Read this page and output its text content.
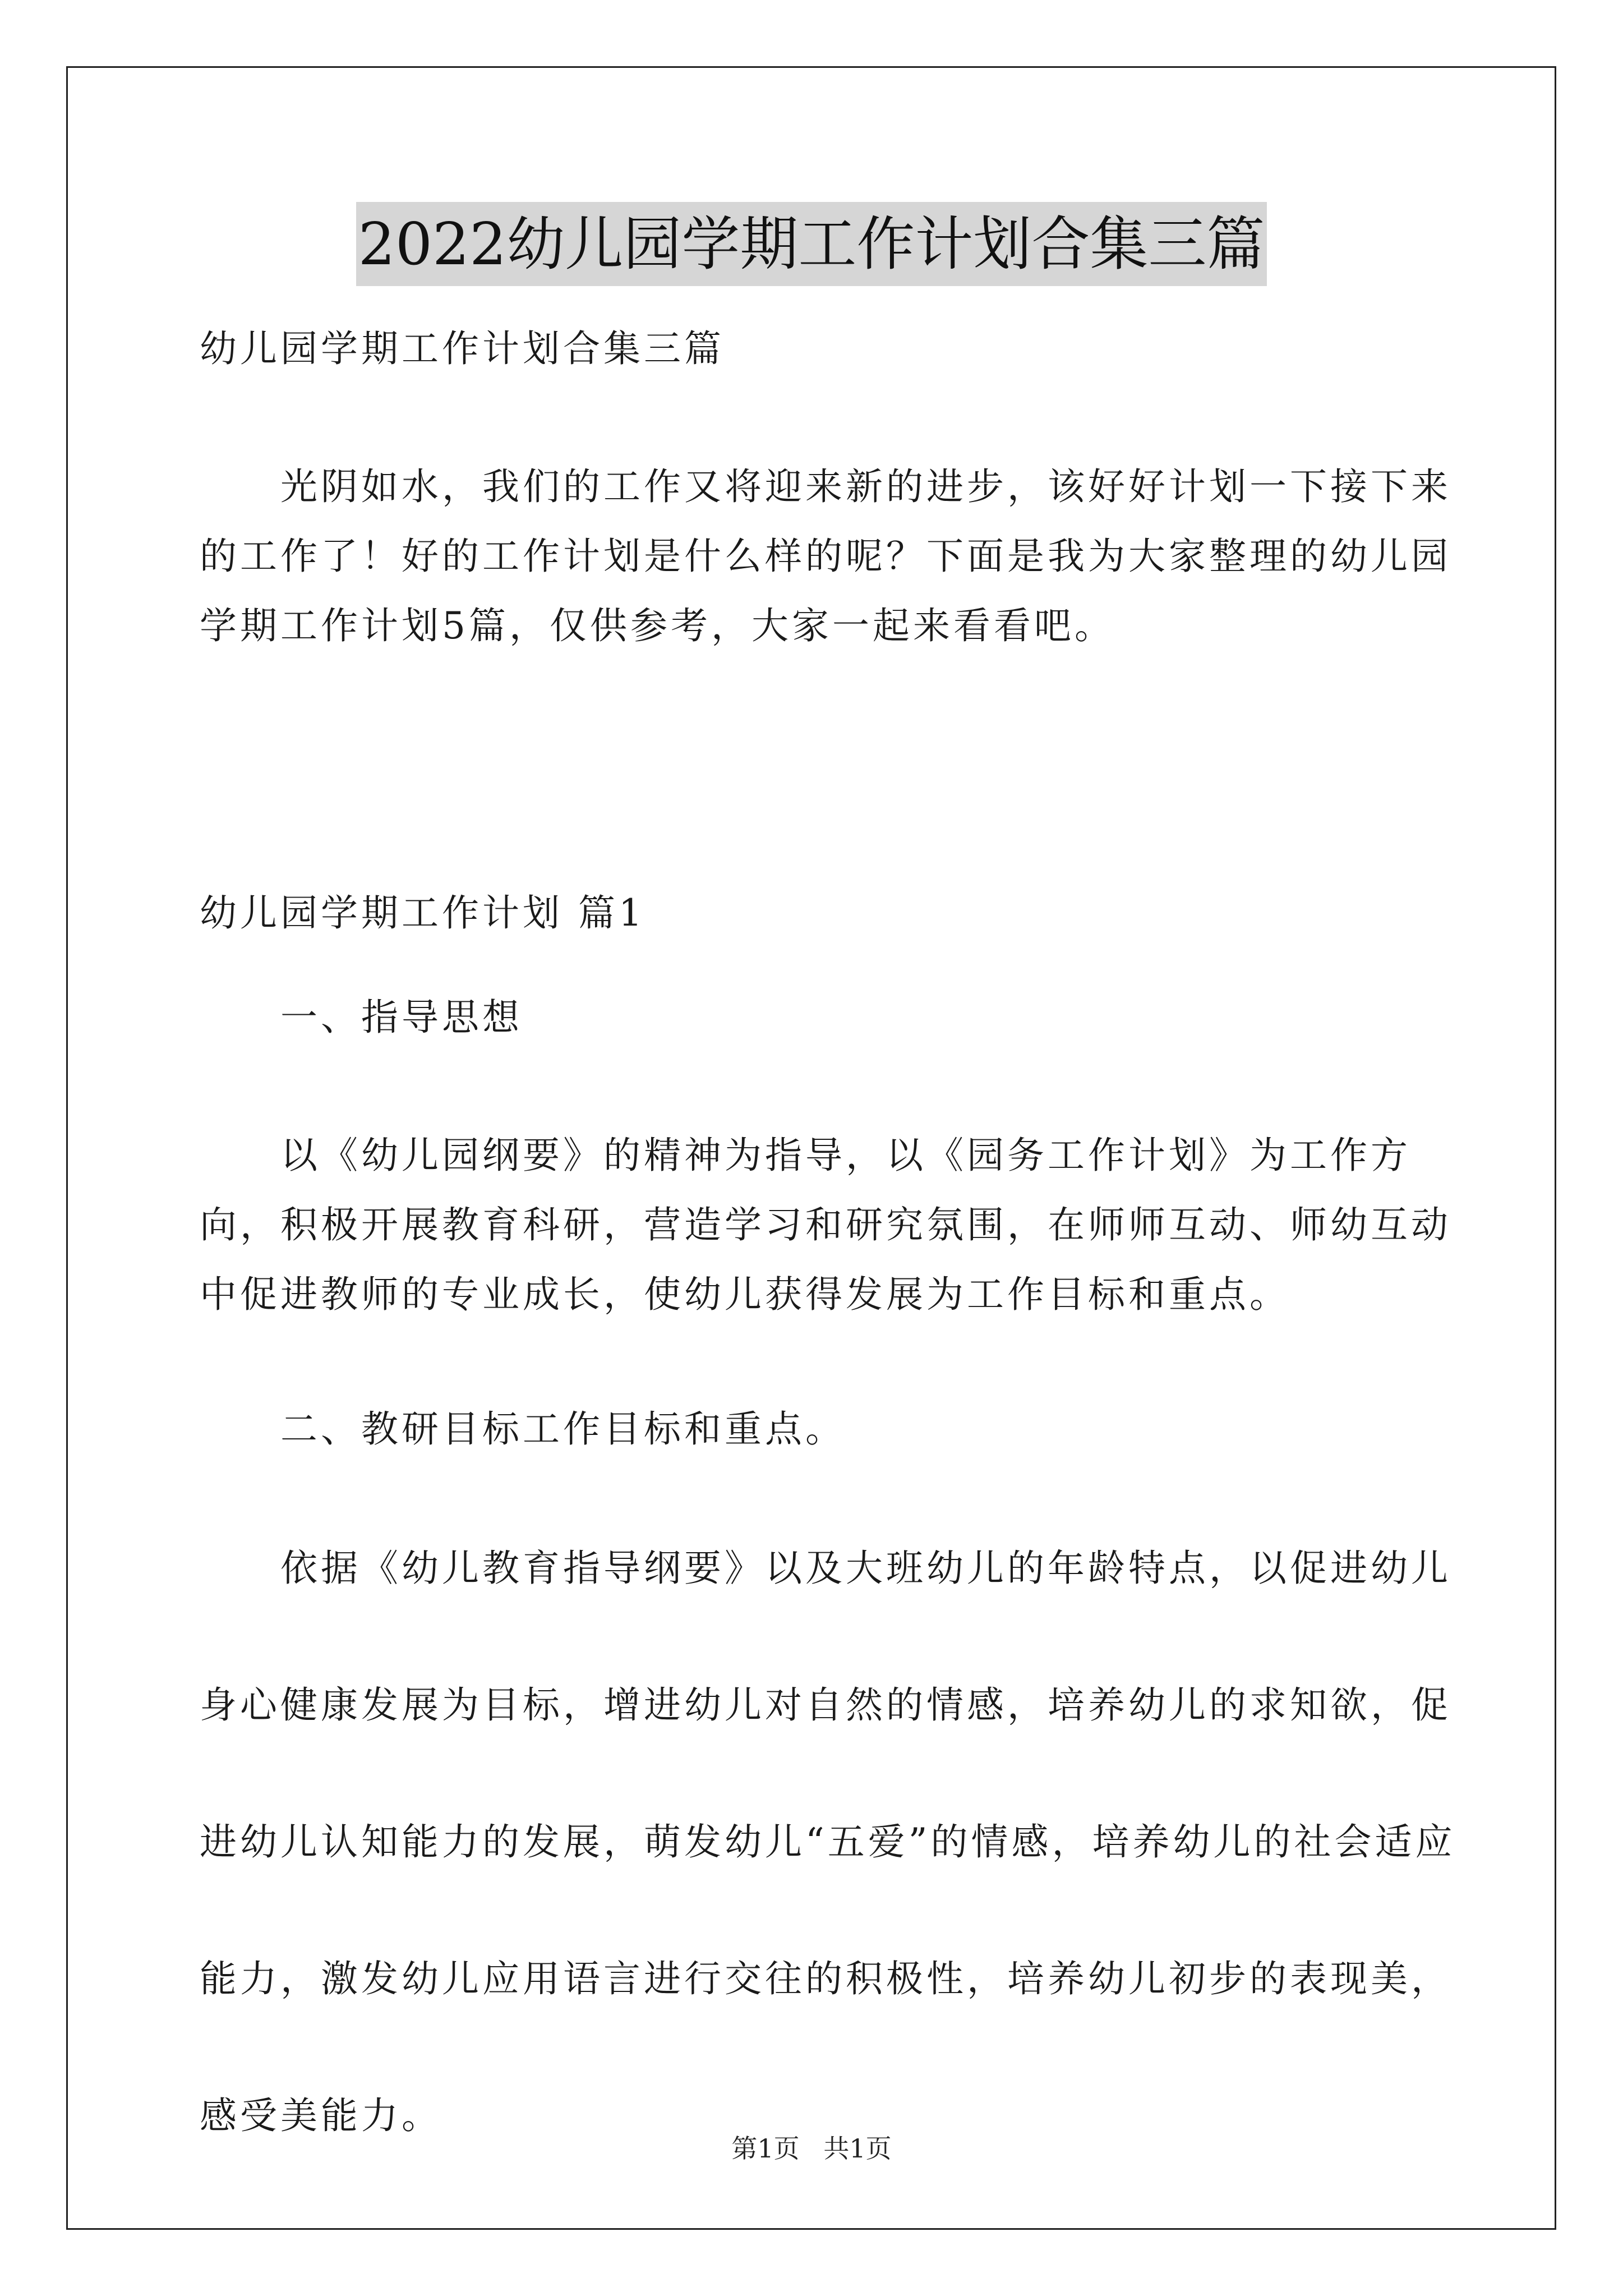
2022幼儿园学期工作计划合集三篇

幼儿园学期工作计划合集三篇

光阴如水，我们的工作又将迎来新的进步，该好好计划一下接下来的工作了！好的工作计划是什么样的呢？下面是我为大家整理的幼儿园学期工作计划5篇，仅供参考，大家一起来看看吧。

幼儿园学期工作计划 篇1

一、指导思想

以《幼儿园纲要》的精神为指导，以《园务工作计划》为工作方向，积极开展教育科研，营造学习和研究氛围，在师师互动、师幼互动中促进教师的专业成长，使幼儿获得发展为工作目标和重点。

二、教研目标工作目标和重点。

依据《幼儿教育指导纲要》以及大班幼儿的年龄特点，以促进幼儿身心健康发展为目标，增进幼儿对自然的情感，培养幼儿的求知欲，促进幼儿认知能力的发展，萌发幼儿“五爱”的情感，培养幼儿的社会适应能力，激发幼儿应用语言进行交往的积极性，培养幼儿初步的表现美，感受美能力。

第1页 共1页
